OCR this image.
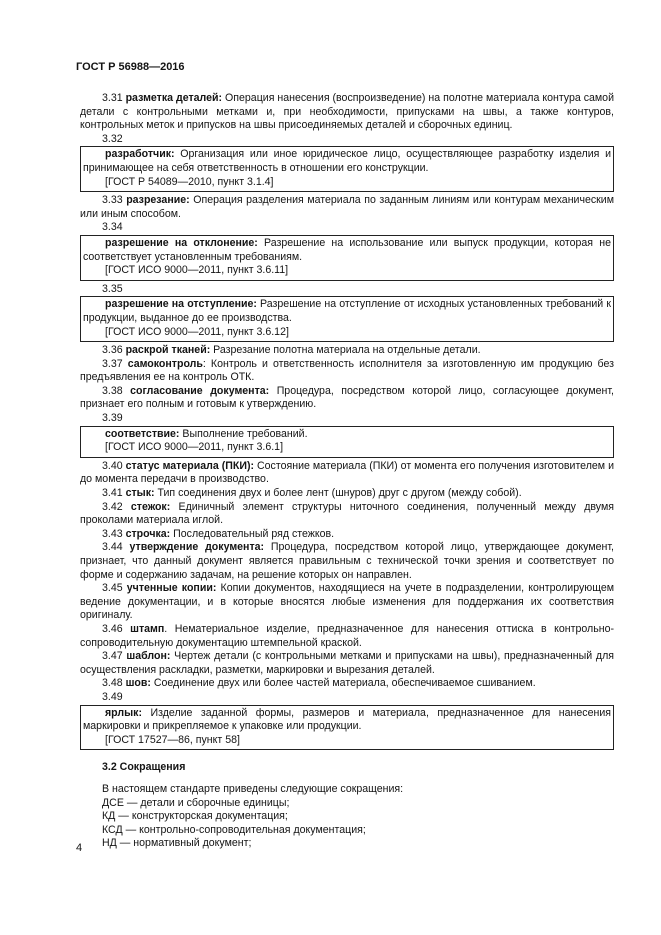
ГОСТ Р 56988—2016

3.31 разметка деталей: Операция нанесения (воспроизведение) на полотне материала контура самой детали с контрольными метками и, при необходимости, припусками на швы, а также контуров, контрольных меток и припусков на швы присоединяемых деталей и сборочных единиц.

3.32

разработчик: Организация или иное юридическое лицо, осуществляющее разработку изделия и принимающее на себя ответственность в отношении его конструкции.

[ГОСТ Р 54089—2010, пункт 3.1.4]

3.33 разрезание: Операция разделения материала по заданным линиям или контурам механическим или иным способом.

3.34

разрешение на отклонение: Разрешение на использование или выпуск продукции, которая не соответствует установленным требованиям.

[ГОСТ ИСО 9000—2011, пункт 3.6.11]

3.35

разрешение на отступление: Разрешение на отступление от исходных установленных требований к продукции, выданное до ее производства.

[ГОСТ ИСО 9000—2011, пункт 3.6.12]

3.36 раскрой тканей: Разрезание полотна материала на отдельные детали.

3.37 самоконтроль: Контроль и ответственность исполнителя за изготовленную им продукцию без предъявления ее на контроль ОТК.

3.38 согласование документа: Процедура, посредством которой лицо, согласующее документ, признает его полным и готовым к утверждению.

3.39

соответствие: Выполнение требований.

[ГОСТ ИСО 9000—2011, пункт 3.6.1]

3.40 статус материала (ПКИ): Состояние материала (ПКИ) от момента его получения изготовителем и до момента передачи в производство.

3.41 стык: Тип соединения двух и более лент (шнуров) друг с другом (между собой).

3.42 стежок: Единичный элемент структуры ниточного соединения, полученный между двумя проколами материала иглой.

3.43 строчка: Последовательный ряд стежков.

3.44 утверждение документа: Процедура, посредством которой лицо, утверждающее документ, признает, что данный документ является правильным с технической точки зрения и соответствует по форме и содержанию задачам, на решение которых он направлен.

3.45 учтенные копии: Копии документов, находящиеся на учете в подразделении, контролирующем ведение документации, и в которые вносятся любые изменения для поддержания их соответствия оригиналу.

3.46 штамп. Нематериальное изделие, предназначенное для нанесения оттиска в контрольно-сопроводительную документацию штемпельной краской.

3.47 шаблон: Чертеж детали (с контрольными метками и припусками на швы), предназначенный для осуществления раскладки, разметки, маркировки и вырезания деталей.

3.48 шов: Соединение двух или более частей материала, обеспечиваемое сшиванием.

3.49

ярлык: Изделие заданной формы, размеров и материала, предназначенное для нанесения маркировки и прикрепляемое к упаковке или продукции.

[ГОСТ 17527—86, пункт 58]

3.2 Сокращения

В настоящем стандарте приведены следующие сокращения:

ДСЕ — детали и сборочные единицы;

КД — конструкторская документация;

КСД — контрольно-сопроводительная документация;

НД — нормативный документ;

4
